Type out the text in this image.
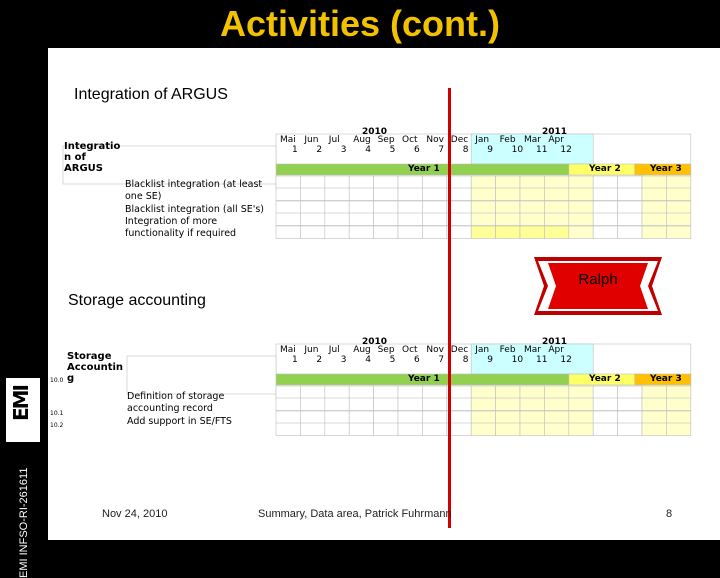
Activities (cont.)
EMI
EMI INFSO-RI-261611
Integration of ARGUS
Integratio n of ARGUS
Blacklist integration (at least one SE)
Blacklist integration (all SE's)
Integration of more functionality if required
Storage accounting
Storage Accountin g
10.0
10.1
10.2
Definition of storage accounting record
Add support in SE/FTS
Ralph
Nov 24, 2010	Summary, Data area, Patrick Fuhrmann	8
2010	2011
Mai Jun Jul Aug Sep Oct Nov Dec Jan Feb Mar Apr
1 2 3 4 5 6 7 8 9 10 11 12
Year 1	Year 2	Year 3
2010	2011
Mai Jun Jul Aug Sep Oct Nov Dec Jan Feb Mar Apr
1 2 3 4 5 6 7 8 9 10 11 12
Year 1	Year 2	Year 3
